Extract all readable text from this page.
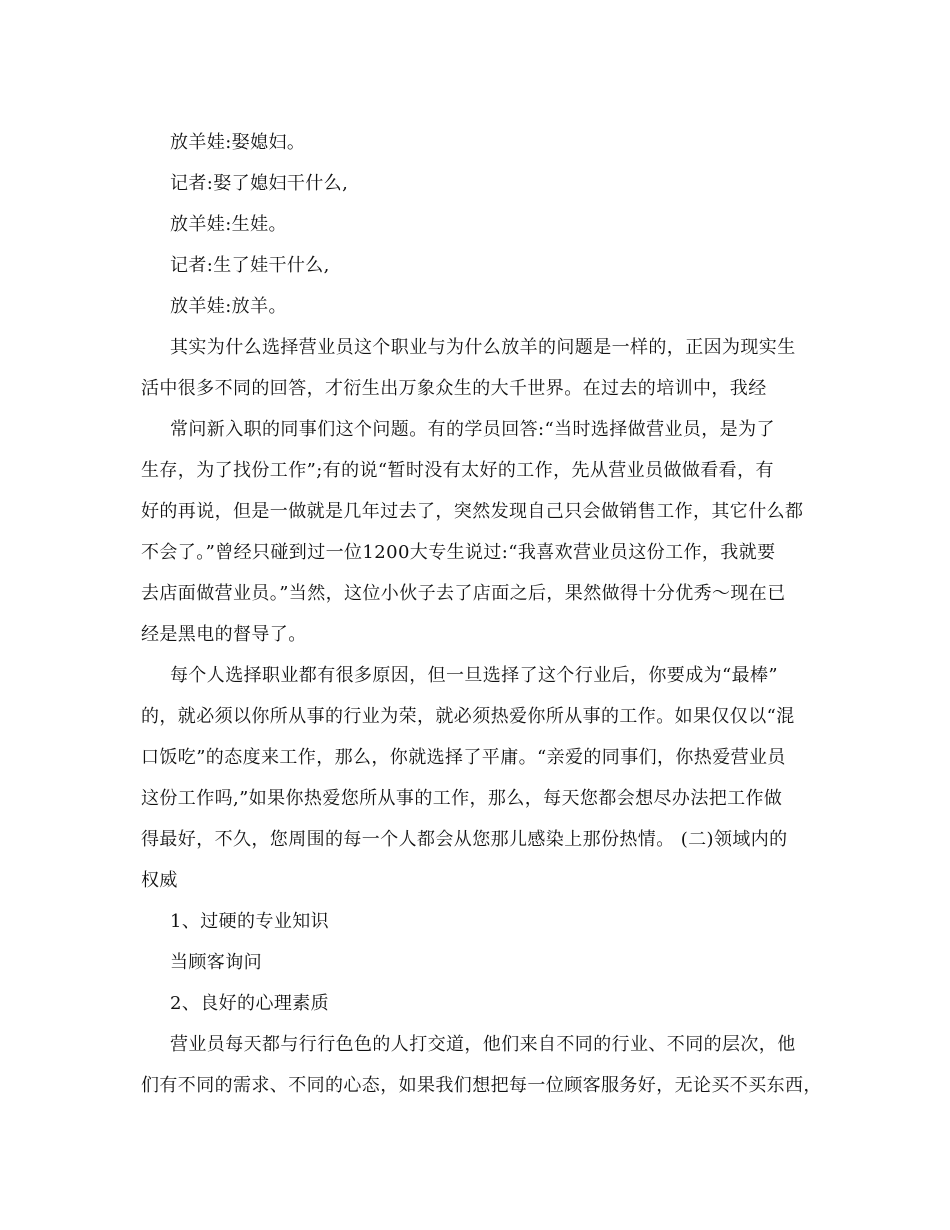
放羊娃:娶媳妇。
记者:娶了媳妇干什么,
放羊娃:生娃。
记者:生了娃干什么,
放羊娃:放羊。
其实为什么选择营业员这个职业与为什么放羊的问题是一样的，正因为现实生
活中很多不同的回答，才衍生出万象众生的大千世界。在过去的培训中，我经
常问新入职的同事们这个问题。有的学员回答:“当时选择做营业员，是为了
生存，为了找份工作”;有的说“暂时没有太好的工作，先从营业员做做看看，有
好的再说，但是一做就是几年过去了，突然发现自己只会做销售工作，其它什么都
不会了。”曾经只碰到过一位1200大专生说过:“我喜欢营业员这份工作，我就要
去店面做营业员。”当然，这位小伙子去了店面之后，果然做得十分优秀～现在已
经是黑电的督导了。
每个人选择职业都有很多原因，但一旦选择了这个行业后，你要成为“最棒”
的，就必须以你所从事的行业为荣，就必须热爱你所从事的工作。如果仅仅以“混
口饭吃”的态度来工作，那么，你就选择了平庸。“亲爱的同事们，你热爱营业员
这份工作吗,”如果你热爱您所从事的工作，那么，每天您都会想尽办法把工作做
得最好，不久，您周围的每一个人都会从您那儿感染上那份热情。 (二)领域内的
权威
1、过硬的专业知识
当顾客询问
2、良好的心理素质
营业员每天都与行行色色的人打交道，他们来自不同的行业、不同的层次，他
们有不同的需求、不同的心态，如果我们想把每一位顾客服务好，无论买不买东西，
